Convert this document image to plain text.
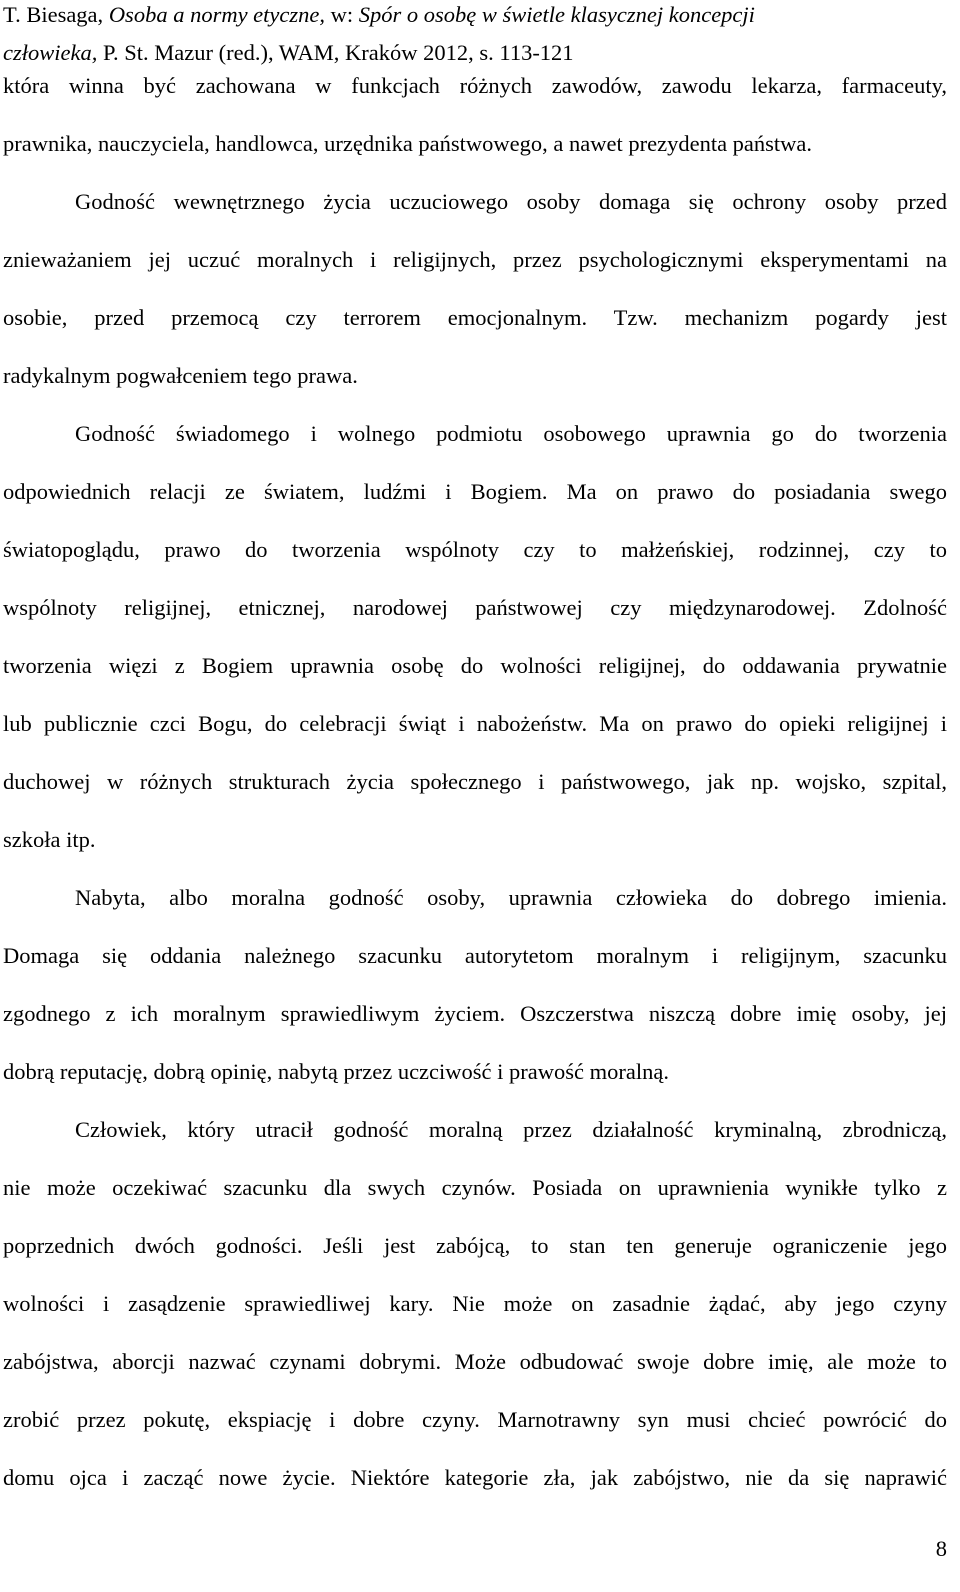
T. Biesaga, Osoba a normy etyczne, w: Spór o osobę w świetle klasycznej koncepcji
człowieka, P. St. Mazur (red.), WAM, Kraków 2012, s. 113-121

która winna być zachowana w funkcjach różnych zawodów, zawodu lekarza, farmaceuty,

prawnika, nauczyciela, handlowca, urzędnika państwowego, a nawet prezydenta państwa.

Godność wewnętrznego życia uczuciowego osoby domaga się ochrony osoby przed

znieważaniem jej uczuć moralnych i religijnych, przez psychologicznymi eksperymentami na

osobie, przed przemocą czy terrorem emocjonalnym. Tzw. mechanizm pogardy jest

radykalnym pogwałceniem tego prawa.

Godność świadomego i wolnego podmiotu osobowego uprawnia go do tworzenia

odpowiednich relacji ze światem, ludźmi i Bogiem. Ma on prawo do posiadania swego

światopoglądu, prawo do tworzenia wspólnoty czy to małżeńskiej, rodzinnej, czy to

wspólnoty religijnej, etnicznej, narodowej państwowej czy międzynarodowej. Zdolność

tworzenia więzi z Bogiem uprawnia osobę do wolności religijnej, do oddawania prywatnie

lub publicznie czci Bogu, do celebracji świąt i nabożeństw. Ma on prawo do opieki religijnej i

duchowej w różnych strukturach życia społecznego i państwowego, jak np. wojsko, szpital,

szkoła itp.

Nabyta, albo moralna godność osoby, uprawnia człowieka do dobrego imienia.

Domaga się oddania należnego szacunku autorytetom moralnym i religijnym, szacunku

zgodnego z ich moralnym sprawiedliwym życiem. Oszczerstwa niszczą dobre imię osoby, jej

dobrą reputację, dobrą opinię, nabytą przez uczciwość i prawość moralną.

Człowiek, który utracił godność moralną przez działalność kryminalną, zbrodniczą,

nie może oczekiwać szacunku dla swych czynów. Posiada on uprawnienia wynikłe tylko z

poprzednich dwóch godności. Jeśli jest zabójcą, to stan ten generuje ograniczenie jego

wolności i zasądzenie sprawiedliwej kary. Nie może on zasadnie żądać, aby jego czyny

zabójstwa, aborcji nazwać czynami dobrymi. Może odbudować swoje dobre imię, ale może to

zrobić przez pokutę, ekspiację i dobre czyny. Marnotrawny syn musi chcieć powrócić do

domu ojca i zacząć nowe życie. Niektóre kategorie zła, jak zabójstwo, nie da się naprawić

8
